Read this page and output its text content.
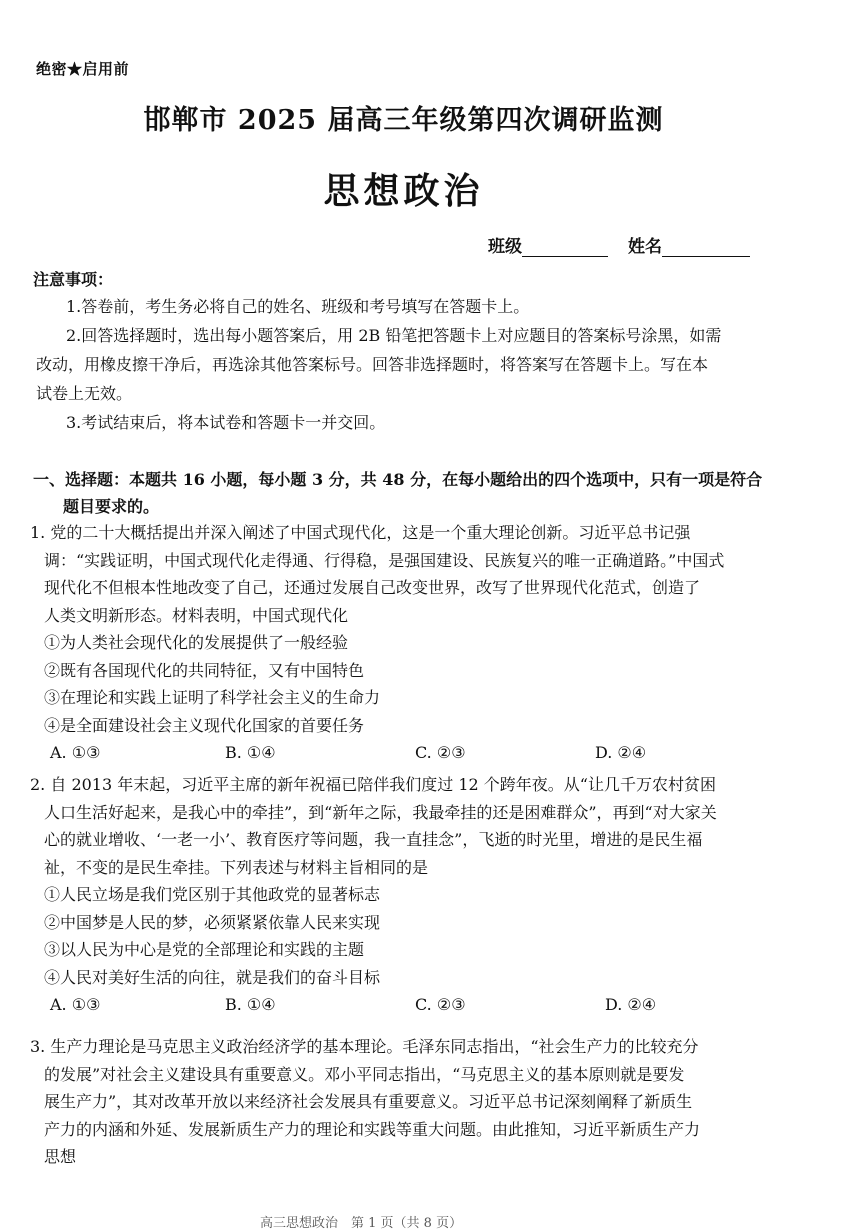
绝密★启用前
邯郸市 2025 届高三年级第四次调研监测
思想政治
班级	姓名
注意事项：
1.答卷前，考生务必将自己的姓名、班级和考号填写在答题卡上。
2.回答选择题时，选出每小题答案后，用 2B 铅笔把答题卡上对应题目的答案标号涂黑，如需
改动，用橡皮擦干净后，再选涂其他答案标号。回答非选择题时，将答案写在答题卡上。写在本
试卷上无效。
3.考试结束后，将本试卷和答题卡一并交回。
一、选择题：本题共 16 小题，每小题 3 分，共 48 分，在每小题给出的四个选项中，只有一项是符合
题目要求的。
1. 党的二十大概括提出并深入阐述了中国式现代化，这是一个重大理论创新。习近平总书记强
调：“实践证明，中国式现代化走得通、行得稳，是强国建设、民族复兴的唯一正确道路。”中国式
现代化不但根本性地改变了自己，还通过发展自己改变世界，改写了世界现代化范式，创造了
人类文明新形态。材料表明，中国式现代化
①为人类社会现代化的发展提供了一般经验
②既有各国现代化的共同特征，又有中国特色
③在理论和实践上证明了科学社会主义的生命力
④是全面建设社会主义现代化国家的首要任务
A. ①③	B. ①④	C. ②③	D. ②④
2. 自 2013 年末起，习近平主席的新年祝福已陪伴我们度过 12 个跨年夜。从“让几千万农村贫困
人口生活好起来，是我心中的牵挂”，到“新年之际，我最牵挂的还是困难群众”，再到“对大家关
心的就业增收、‘一老一小’、教育医疗等问题，我一直挂念”，飞逝的时光里，增进的是民生福
祉，不变的是民生牵挂。下列表述与材料主旨相同的是
①人民立场是我们党区别于其他政党的显著标志
②中国梦是人民的梦，必须紧紧依靠人民来实现
③以人民为中心是党的全部理论和实践的主题
④人民对美好生活的向往，就是我们的奋斗目标
A. ①③	B. ①④	C. ②③	D. ②④
3. 生产力理论是马克思主义政治经济学的基本理论。毛泽东同志指出，“社会生产力的比较充分
的发展”对社会主义建设具有重要意义。邓小平同志指出，“马克思主义的基本原则就是要发
展生产力”，其对改革开放以来经济社会发展具有重要意义。习近平总书记深刻阐释了新质生
产力的内涵和外延、发展新质生产力的理论和实践等重大问题。由此推知，习近平新质生产力
思想
高三思想政治　第 1 页（共 8 页）
